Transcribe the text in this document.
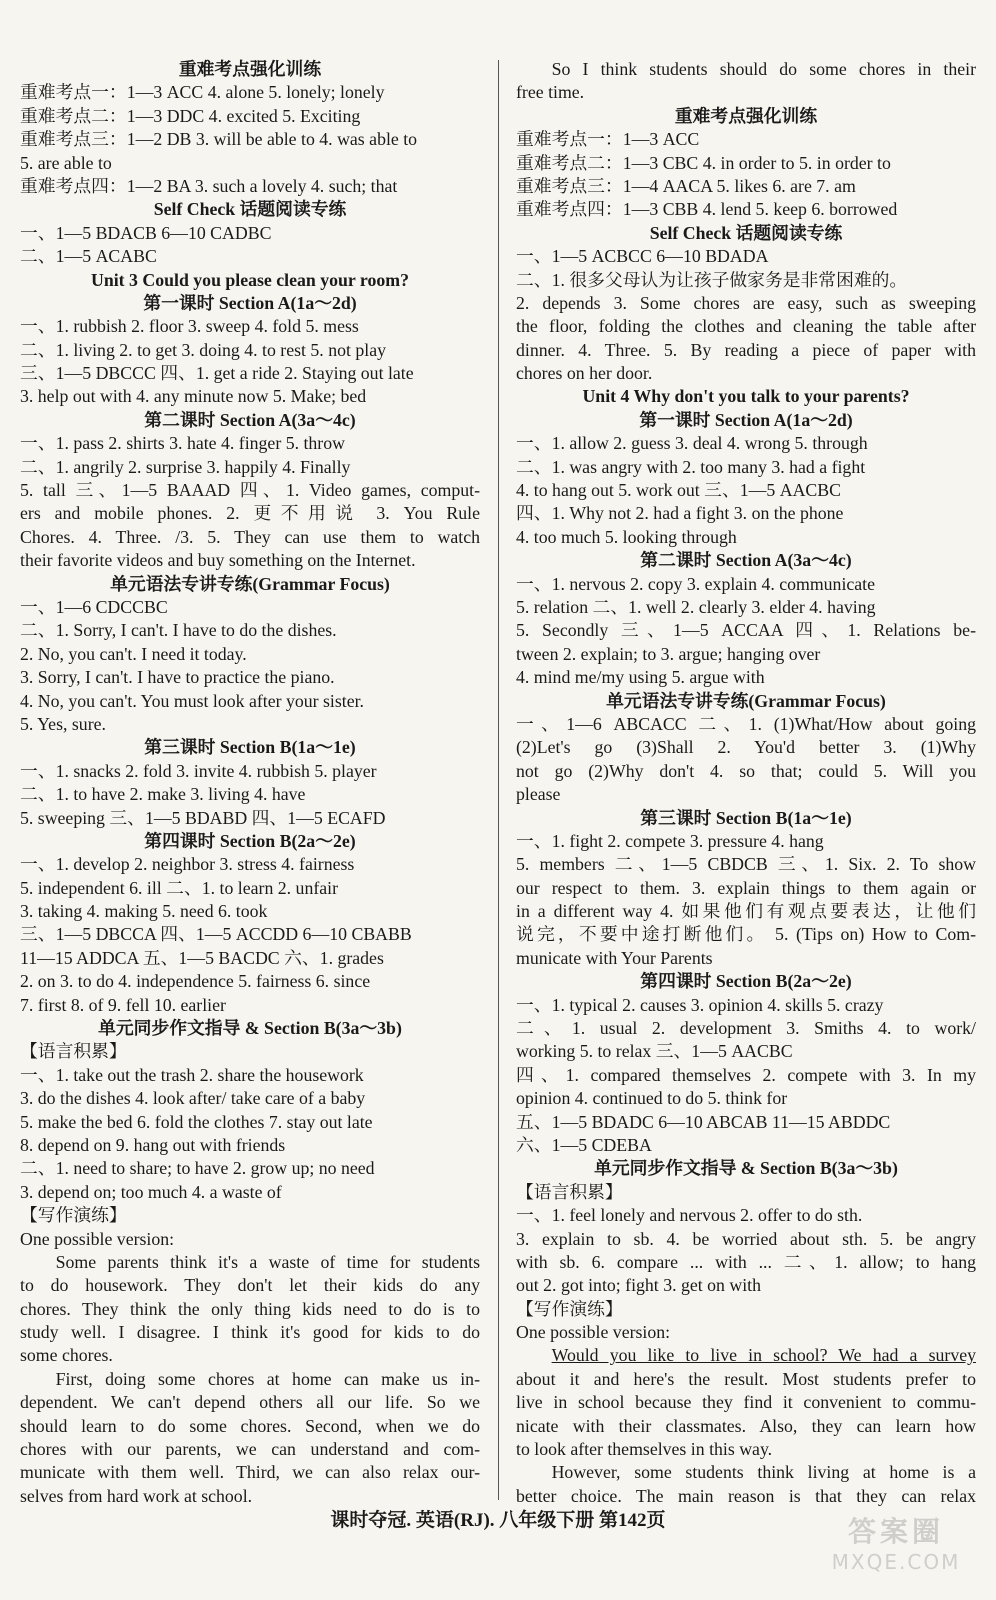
重难考点强化训练
重难考点一：1—3 ACC 4. alone 5. lonely; lonely
重难考点二：1—3 DDC 4. excited 5. Exciting
重难考点三：1—2 DB 3. will be able to 4. was able to
5. are able to
重难考点四：1—2 BA 3. such a lovely 4. such; that
Self Check 话题阅读专练
一、1—5 BDACB 6—10 CADBC
二、1—5 ACABC
Unit 3 Could you please clean your room?
第一课时 Section A(1a～2d)
一、1. rubbish 2. floor 3. sweep 4. fold 5. mess
二、1. living 2. to get 3. doing 4. to rest 5. not play
三、1—5 DBCCC 四、1. get a ride 2. Staying out late
3. help out with 4. any minute now 5. Make; bed
第二课时 Section A(3a～4c)
一、1. pass 2. shirts 3. hate 4. finger 5. throw
二、1. angrily 2. surprise 3. happily 4. Finally
5. tall 三、1—5 BAAAD 四、1. Video games, comput-
ers and mobile phones. 2. 更不用说 3. You Rule
Chores. 4. Three. /3. 5. They can use them to watch
their favorite videos and buy something on the Internet.
单元语法专讲专练(Grammar Focus)
一、1—6 CDCCBC
二、1. Sorry, I can't. I have to do the dishes.
2. No, you can't. I need it today.
3. Sorry, I can't. I have to practice the piano.
4. No, you can't. You must look after your sister.
5. Yes, sure.
第三课时 Section B(1a～1e)
一、1. snacks 2. fold 3. invite 4. rubbish 5. player
二、1. to have 2. make 3. living 4. have
5. sweeping 三、1—5 BDABD 四、1—5 ECAFD
第四课时 Section B(2a～2e)
一、1. develop 2. neighbor 3. stress 4. fairness
5. independent 6. ill 二、1. to learn 2. unfair
3. taking 4. making 5. need 6. took
三、1—5 DBCCA 四、1—5 ACCDD 6—10 CBABB
11—15 ADDCA 五、1—5 BACDC 六、1. grades
2. on 3. to do 4. independence 5. fairness 6. since
7. first 8. of 9. fell 10. earlier
单元同步作文指导 & Section B(3a～3b)
【语言积累】
一、1. take out the trash 2. share the housework
3. do the dishes 4. look after/ take care of a baby
5. make the bed 6. fold the clothes 7. stay out late
8. depend on 9. hang out with friends
二、1. need to share; to have 2. grow up; no need
3. depend on; too much 4. a waste of
【写作演练】
One possible version:
Some parents think it's a waste of time for students
to do housework. They don't let their kids do any
chores. They think the only thing kids need to do is to
study well. I disagree. I think it's good for kids to do
some chores.
First, doing some chores at home can make us in-
dependent. We can't depend others all our life. So we
should learn to do some chores. Second, when we do
chores with our parents, we can understand and com-
municate with them well. Third, we can also relax our-
selves from hard work at school.
So I think students should do some chores in their
free time.
重难考点强化训练
重难考点一：1—3 ACC
重难考点二：1—3 CBC 4. in order to 5. in order to
重难考点三：1—4 AACA 5. likes 6. are 7. am
重难考点四：1—3 CBB 4. lend 5. keep 6. borrowed
Self Check 话题阅读专练
一、1—5 ACBCC 6—10 BDADA
二、1. 很多父母认为让孩子做家务是非常困难的。
2. depends 3. Some chores are easy, such as sweeping
the floor, folding the clothes and cleaning the table after
dinner. 4. Three. 5. By reading a piece of paper with
chores on her door.
Unit 4 Why don't you talk to your parents?
第一课时 Section A(1a～2d)
一、1. allow 2. guess 3. deal 4. wrong 5. through
二、1. was angry with 2. too many 3. had a fight
4. to hang out 5. work out 三、1—5 AACBC
四、1. Why not 2. had a fight 3. on the phone
4. too much 5. looking through
第二课时 Section A(3a～4c)
一、1. nervous 2. copy 3. explain 4. communicate
5. relation 二、1. well 2. clearly 3. elder 4. having
5. Secondly 三、1—5 ACCAA 四、1. Relations be-
tween 2. explain; to 3. argue; hanging over
4. mind me/my using 5. argue with
单元语法专讲专练(Grammar Focus)
一、1—6 ABCACC 二、1. (1)What/How about going
(2)Let's go (3)Shall 2. You'd better 3. (1)Why
not go (2)Why don't 4. so that; could 5. Will you
please
第三课时 Section B(1a～1e)
一、1. fight 2. compete 3. pressure 4. hang
5. members 二、1—5 CBDCB 三、1. Six. 2. To show
our respect to them. 3. explain things to them again or
in a different way 4. 如果他们有观点要表达，让他们
说完，不要中途打断他们。 5. (Tips on) How to Com-
municate with Your Parents
第四课时 Section B(2a～2e)
一、1. typical 2. causes 3. opinion 4. skills 5. crazy
二、1. usual 2. development 3. Smiths 4. to work/
working 5. to relax 三、1—5 AACBC
四、1. compared themselves 2. compete with 3. In my
opinion 4. continued to do 5. think for
五、1—5 BDADC 6—10 ABCAB 11—15 ABDDC
六、1—5 CDEBA
单元同步作文指导 & Section B(3a～3b)
【语言积累】
一、1. feel lonely and nervous 2. offer to do sth.
3. explain to sb. 4. be worried about sth. 5. be angry
with sb. 6. compare ... with ... 二、1. allow; to hang
out 2. got into; fight 3. get on with
【写作演练】
One possible version:
Would you like to live in school? We had a survey
about it and here's the result. Most students prefer to
live in school because they find it convenient to commu-
nicate with their classmates. Also, they can learn how
to look after themselves in this way.
However, some students think living at home is a
better choice. The main reason is that they can relax
课时夺冠. 英语(RJ). 八年级下册 第142页	答案圈
MXQE.COM
